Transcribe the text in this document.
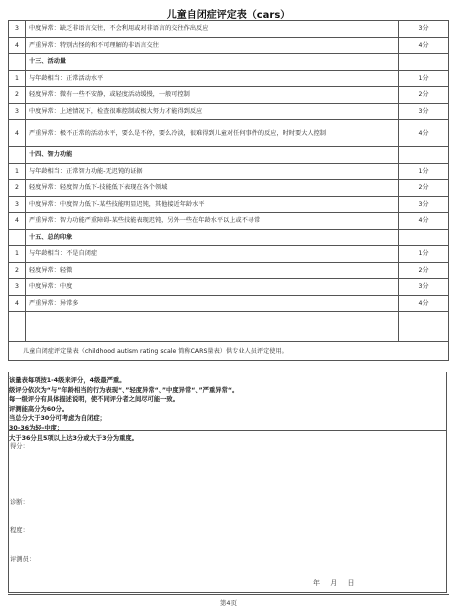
儿童自闭症评定表（cars）
3	中度异常：缺乏非语言交往，不会利用或对非语言的交往作出反应	3分
4	严重异常：特别古怪的和不可理解的非语言交往	4分
	十三、活动量	
1	与年龄相当：正常活动水平	1分
2	轻度异常：微有一些不安静，或轻度活动缓慢，一般可控制	2分
3	中度异常：上述情况下，检查很难控制或极大努力才能得到反应	3分
4	严重异常：极不正常的活动水平，要么是不停，要么冷淡，很难得到儿童对任何事件的反应，时时要大人控制	4分
	十四、智力功能	
1	与年龄相当：正常智力功能-无迟钝的证据	1分
2	轻度异常：轻度智力低下-技能低下表现在各个领域	2分
3	中度异常：中度智力低下-某些技能明显迟钝，其他接近年龄水平	3分
4	严重异常：智力功能严重障碍-某些技能表现迟钝，另外一些在年龄水平以上或不寻常	4分
	十五、总的印象	
1	与年龄相当：不是自闭症	1分
2	轻度异常：轻微	2分
3	中度异常：中度	3分
4	严重异常：异常多	4分

儿童自闭症评定量表（childhood autism rating scale 简称CARS量表）供专业人员评定使用。		
该量表每项按1-4级来评分，4级最严重。
级评分依次为“与”年龄相当的行为表现“、”轻度异常“、”中度异常“、”严重异常“。
每一级评分有具体描述说明，使不同评分者之间尽可能一致。
评测能高分为60分。
当总分大于30分可考虑为自闭症；
30-36为轻-中度；
大于36分且5项以上达3分或大于3分为重度。
得分：
诊断：
程度：
评测员：
年 月 日
第4页
